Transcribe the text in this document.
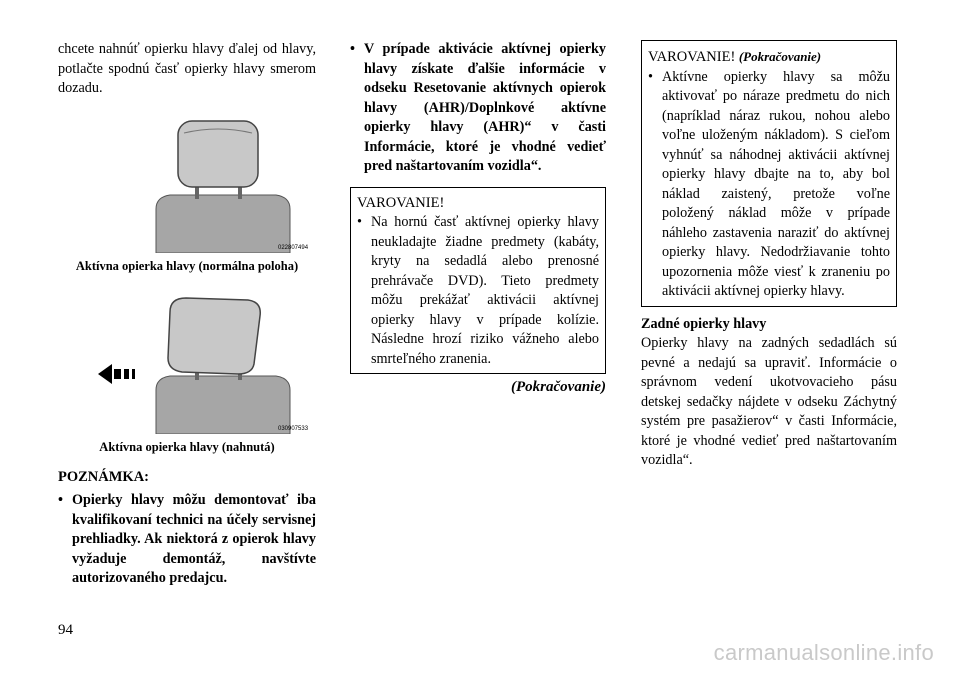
chcete nahnúť opierku hlavy ďalej od hlavy, potlačte spodnú časť opierky hlavy smerom dozadu.
022807494
Aktívna opierka hlavy (normálna poloha)
030907533
Aktívna opierka hlavy (nahnutá)
POZNÁMKA:
• Opierky hlavy môžu demontovať iba kvalifikovaní technici na účely servisnej prehliadky. Ak niektorá z opierok hlavy vyžaduje demontáž, navštívte autorizovaného predajcu.
• V prípade aktivácie aktívnej opierky hlavy získate ďalšie informácie v odseku Resetovanie aktívnych opierok hlavy (AHR)/Doplnkové aktívne opierky hlavy (AHR)“ v časti Informácie, ktoré je vhodné vedieť pred naštartovaním vozidla“.
VAROVANIE!
• Na hornú časť aktívnej opierky hlavy neukladajte žiadne predmety (kabáty, kryty na sedadlá alebo prenosné prehrávače DVD). Tieto predmety môžu prekážať aktivácii aktívnej opierky hlavy v prípade kolízie. Následne hrozí riziko vážneho alebo smrteľného zranenia.
(Pokračovanie)
VAROVANIE! (Pokračovanie)
• Aktívne opierky hlavy sa môžu aktivovať po náraze predmetu do nich (napríklad náraz rukou, nohou alebo voľne uloženým nákladom). S cieľom vyhnúť sa náhodnej aktivácii aktívnej opierky hlavy dbajte na to, aby bol náklad zaistený, pretože voľne položený náklad môže v prípade náhleho zastavenia naraziť do aktívnej opierky hlavy. Nedodržiavanie tohto upozornenia môže viesť k zraneniu po aktivácii aktívnej opierky hlavy.
Zadné opierky hlavy
Opierky hlavy na zadných sedadlách sú pevné a nedajú sa upraviť. Informácie o správnom vedení ukotvovacieho pásu detskej sedačky nájdete v odseku Záchytný systém pre pasažierov“ v časti Informácie, ktoré je vhodné vedieť pred naštartovaním vozidla“.
94
carmanualsonline.info
